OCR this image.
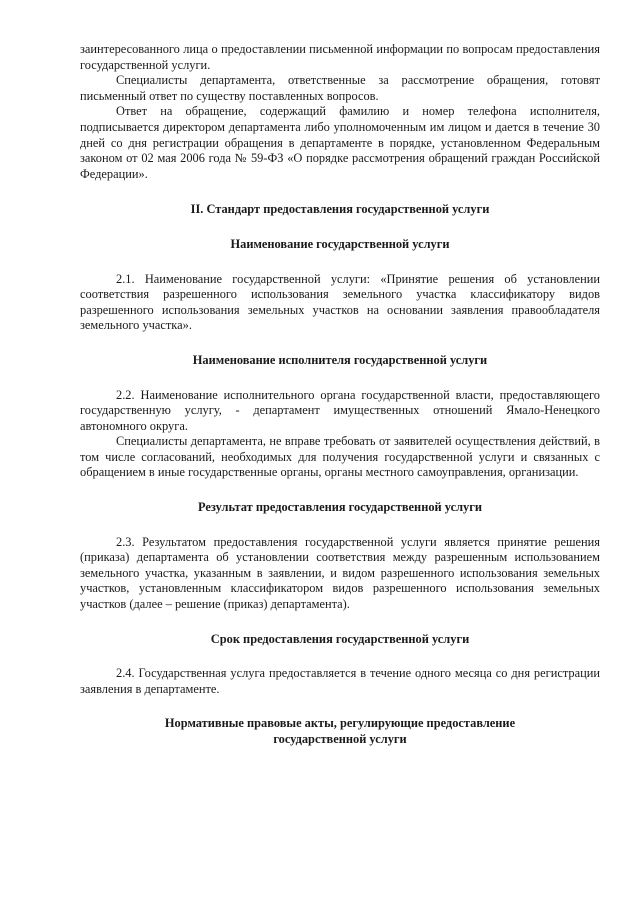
заинтересованного лица о предоставлении письменной информации по вопросам предоставления государственной услуги.

Специалисты департамента, ответственные за рассмотрение обращения, готовят письменный ответ по существу поставленных вопросов.

Ответ на обращение, содержащий фамилию и номер телефона исполнителя, подписывается директором департамента либо уполномоченным им лицом и дается в течение 30 дней со дня регистрации обращения в департаменте в порядке, установленном Федеральным законом от 02 мая 2006 года № 59-ФЗ «О порядке рассмотрения обращений граждан Российской Федерации».

II. Стандарт предоставления государственной услуги

Наименование государственной услуги

2.1. Наименование государственной услуги: «Принятие решения об установлении соответствия разрешенного использования земельного участка классификатору видов разрешенного использования земельных участков на основании заявления правообладателя земельного участка».

Наименование исполнителя государственной услуги

2.2. Наименование исполнительного органа государственной власти, предоставляющего государственную услугу, - департамент имущественных отношений Ямало-Ненецкого автономного округа.

Специалисты департамента, не вправе требовать от заявителей осуществления действий, в том числе согласований, необходимых для получения государственной услуги и связанных с обращением в иные государственные органы, органы местного самоуправления, организации.

Результат предоставления государственной услуги

2.3. Результатом предоставления государственной услуги является принятие решения (приказа) департамента об установлении соответствия между разрешенным использованием земельного участка, указанным в заявлении, и видом разрешенного использования земельных участков, установленным классификатором видов разрешенного использования земельных участков (далее – решение (приказ) департамента).

Срок предоставления государственной услуги

2.4. Государственная услуга предоставляется в течение одного месяца со дня регистрации заявления в департаменте.

Нормативные правовые акты, регулирующие предоставление

государственной услуги
